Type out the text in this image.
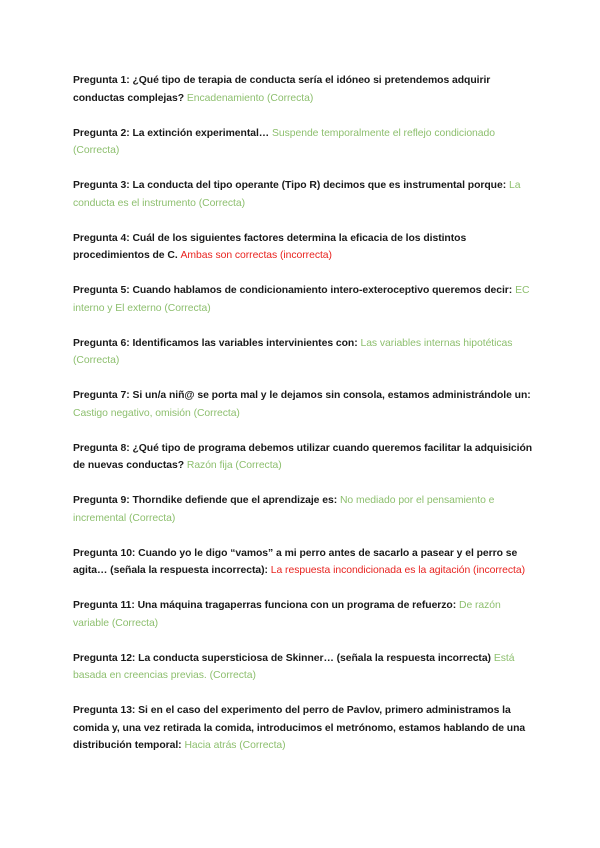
Pregunta 1: ¿Qué tipo de terapia de conducta sería el idóneo si pretendemos adquirir conductas complejas? Encadenamiento (Correcta)

Pregunta 2: La extinción experimental… Suspende temporalmente el reflejo condicionado (Correcta)

Pregunta 3: La conducta del tipo operante (Tipo R) decimos que es instrumental porque: La conducta es el instrumento (Correcta)

Pregunta 4: Cuál de los siguientes factores determina la eficacia de los distintos procedimientos de C. Ambas son correctas (incorrecta)

Pregunta 5: Cuando hablamos de condicionamiento intero-exteroceptivo queremos decir: EC interno y El externo (Correcta)

Pregunta 6: Identificamos las variables intervinientes con: Las variables internas hipotéticas (Correcta)

Pregunta 7: Si un/a niñ@ se porta mal y le dejamos sin consola, estamos administrándole un: Castigo negativo, omisión (Correcta)

Pregunta 8: ¿Qué tipo de programa debemos utilizar cuando queremos facilitar la adquisición de nuevas conductas? Razón fija (Correcta)

Pregunta 9: Thorndike defiende que el aprendizaje es: No mediado por el pensamiento e incremental (Correcta)

Pregunta 10: Cuando yo le digo “vamos” a mi perro antes de sacarlo a pasear y el perro se agita… (señala la respuesta incorrecta): La respuesta incondicionada es la agitación (incorrecta)

Pregunta 11: Una máquina tragaperras funciona con un programa de refuerzo: De razón variable (Correcta)

Pregunta 12: La conducta supersticiosa de Skinner… (señala la respuesta incorrecta) Está basada en creencias previas. (Correcta)

Pregunta 13: Si en el caso del experimento del perro de Pavlov, primero administramos la comida y, una vez retirada la comida, introducimos el metrónomo, estamos hablando de una distribución temporal: Hacia atrás (Correcta)
